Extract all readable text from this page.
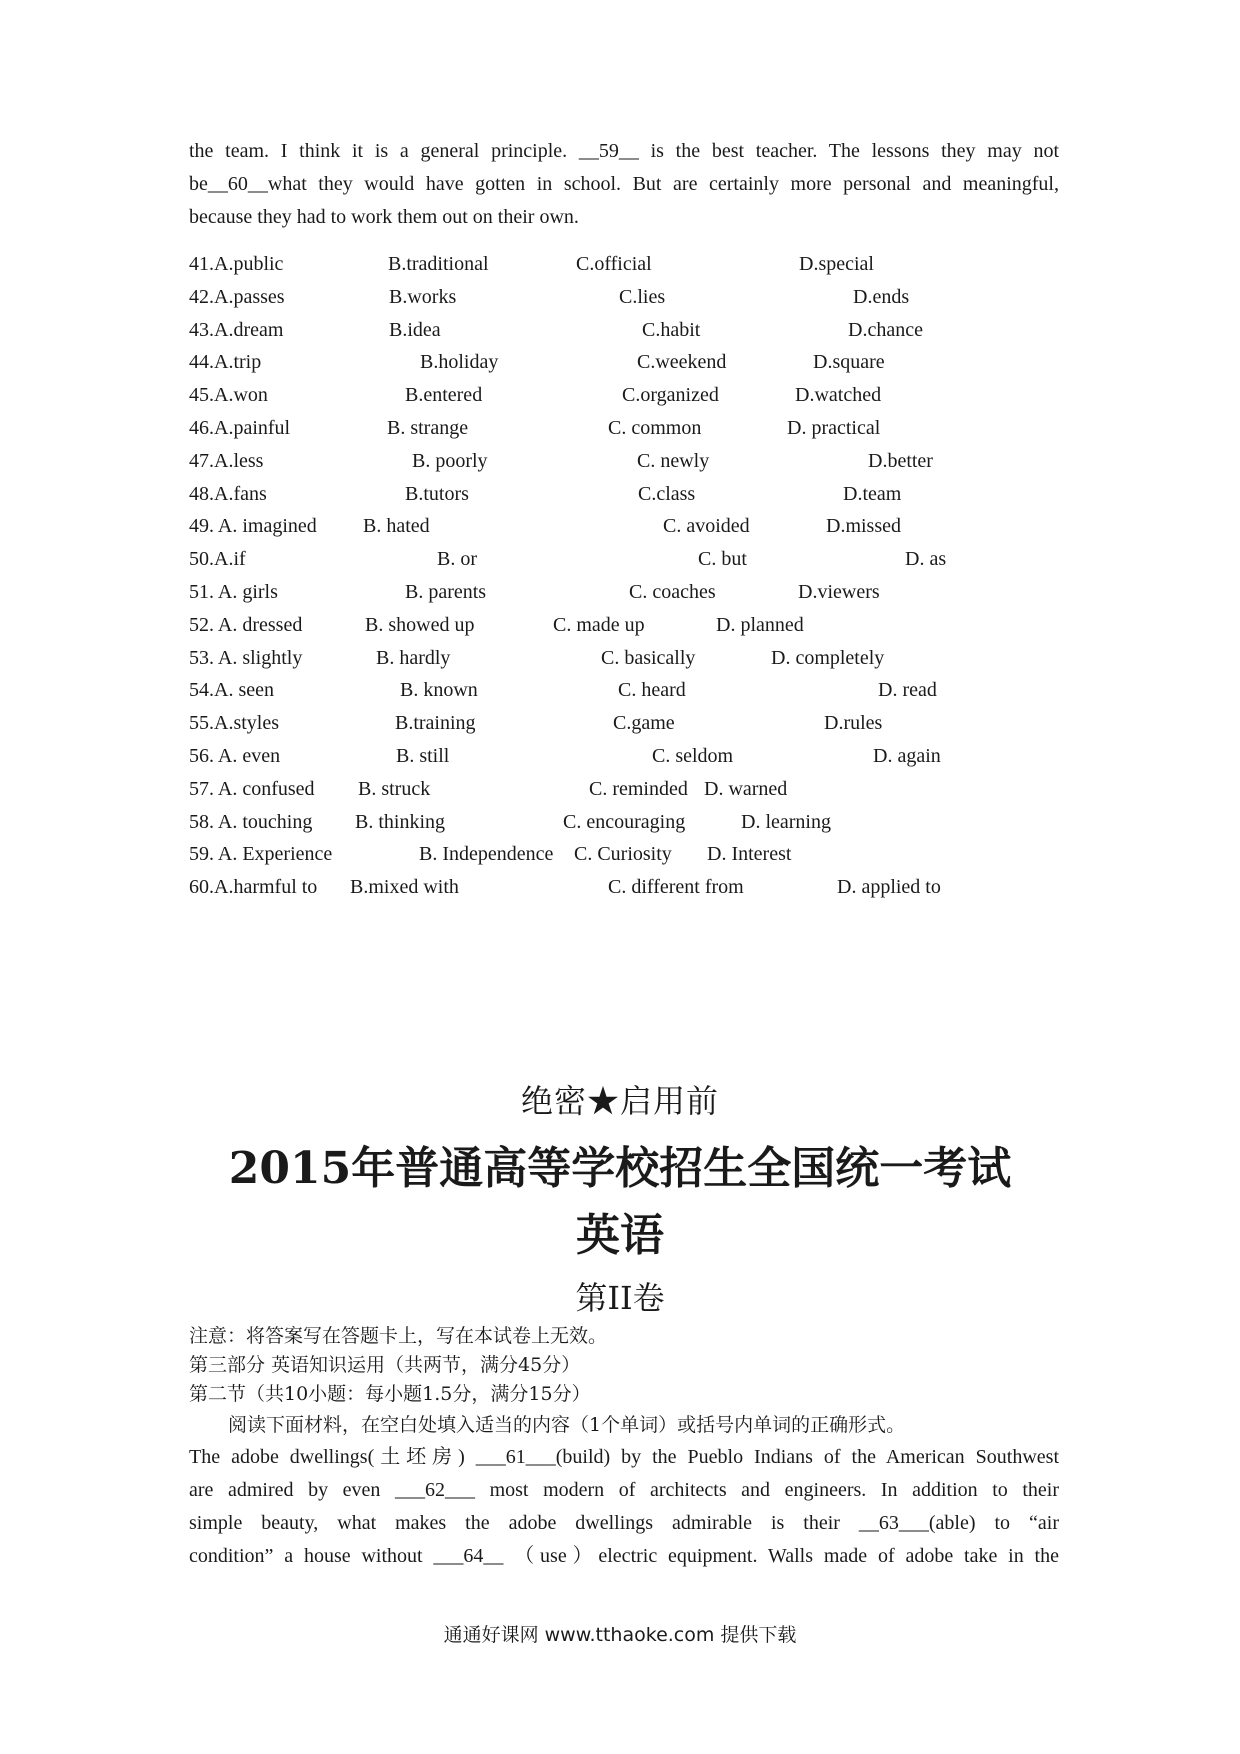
the team. I think it is a general principle. __59__ is the best teacher. The lessons they may not
be__60__what they would have gotten in school. But are certainly more personal and meaningful,
because they had to work them out on their own.
41.A.public	B.traditional	C.official	D.special
42.A.passes	B.works	C.lies	D.ends
43.A.dream	B.idea	C.habit	D.chance
44.A.trip	B.holiday	C.weekend	D.square
45.A.won	B.entered	C.organized	D.watched
46.A.painful	B. strange	C. common	D. practical
47.A.less	B. poorly	C. newly	D.better
48.A.fans	B.tutors	C.class	D.team
49. A. imagined B. hated	C. avoided	D.missed
50.A.if	B. or	C. but	D. as
51. A. girls	B. parents	C. coaches	D.viewers
52. A. dressed	B. showed up	C. made up	D. planned
53. A. slightly	B. hardly	C. basically	D. completely
54.A. seen	B. known	C. heard	D. read
55.A.styles	B.training	C.game	D.rules
56. A. even	B. still	C. seldom	D. again
57. A. confused B. struck	C. reminded D. warned
58. A. touching B. thinking	C. encouraging	D. learning
59. A. Experience	B. Independence C. Curiosity D. Interest
60.A.harmful to B.mixed with	C. different from	D. applied to
绝密★启用前
2015年普通高等学校招生全国统一考试
英语
第II卷
注意：将答案写在答题卡上，写在本试卷上无效。
第三部分 英语知识运用（共两节，满分45分）
第二节（共10小题：每小题1.5分，满分15分）
阅读下面材料，在空白处填入适当的内容（1个单词）或括号内单词的正确形式。
The adobe dwellings(土坯房) ___61___(build) by the Pueblo Indians of the American Southwest
are admired by even ___62___ most modern of architects and engineers. In addition to their
simple beauty, what makes the adobe dwellings admirable is their __63___(able) to “air
condition” a house without ___64__ （use）electric equipment. Walls made of adobe take in the
通通好课网 www.tthaoke.com 提供下载
